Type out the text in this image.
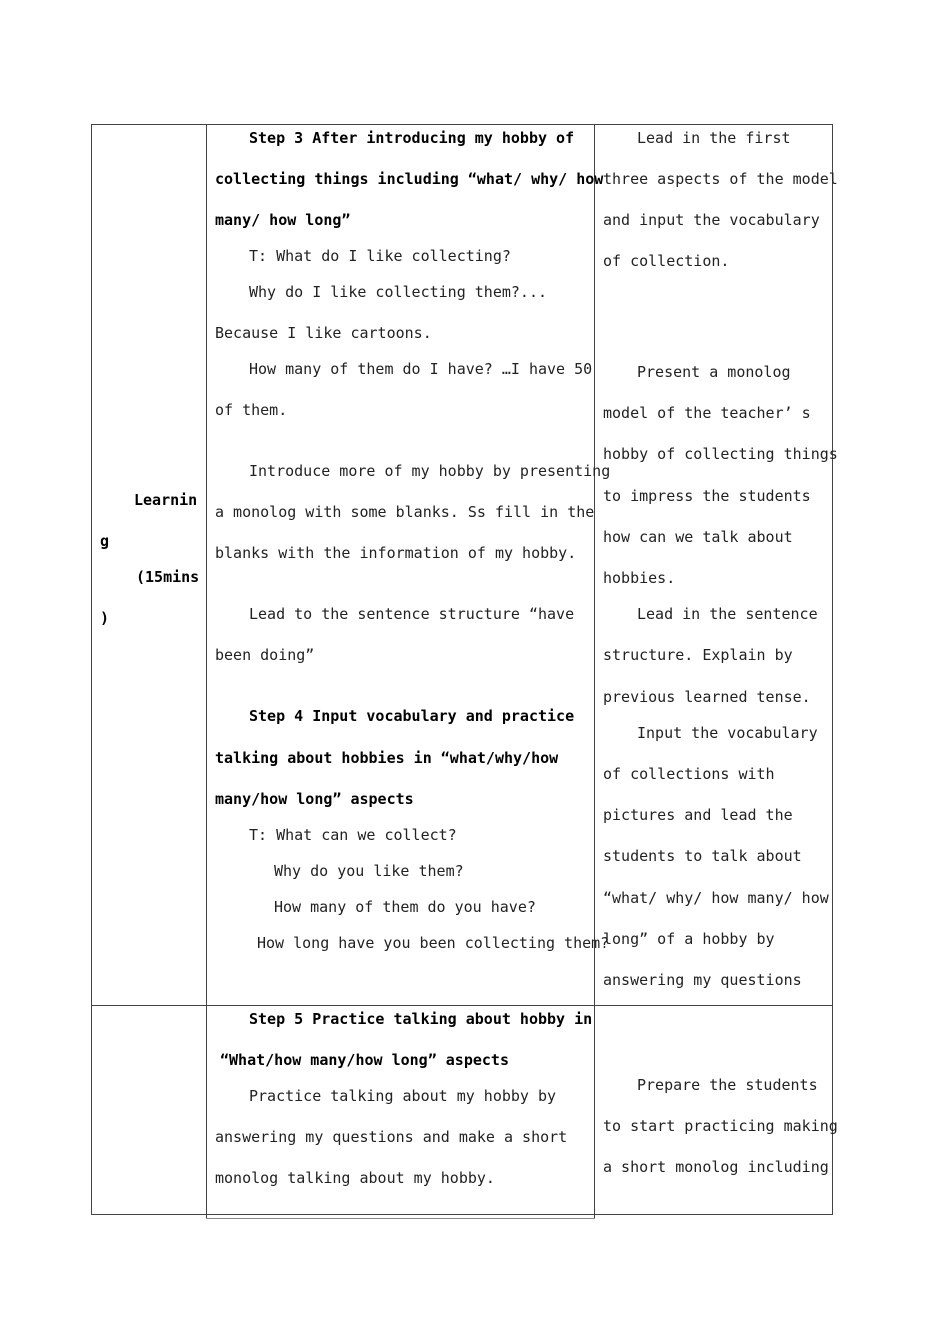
Learnin
g
(15mins
)
Step 3 After introducing my hobby of
collecting things including “what/ why/ how
many/ how long”
T: What do I like collecting?
Why do I like collecting them?...
Because I like cartoons.
How many of them do I have? …I have 50
of them.
Introduce more of my hobby by presenting
a monolog with some blanks. Ss fill in the
blanks with the information of my hobby.
Lead to the sentence structure “have
been doing”
Step 4 Input vocabulary and practice
talking about hobbies in “what/why/how
many/how long” aspects
T: What can we collect?
Why do you like them?
How many of them do you have?
How long have you been collecting them?
Lead in the first
three aspects of the model
and input the vocabulary
of collection.
Present a monolog
model of the teacher’ s
hobby of collecting things
to impress the students
how can we talk about
hobbies.
Lead in the sentence
structure. Explain by
previous learned tense.
Input the vocabulary
of collections with
pictures and lead the
students to talk about
“what/ why/ how many/ how
long” of a hobby by
answering my questions
Step 5 Practice talking about hobby in
“What/how many/how long” aspects
Practice talking about my hobby by
answering my questions and make a short
monolog talking about my hobby.
Prepare the students
to start practicing making
a short monolog including
